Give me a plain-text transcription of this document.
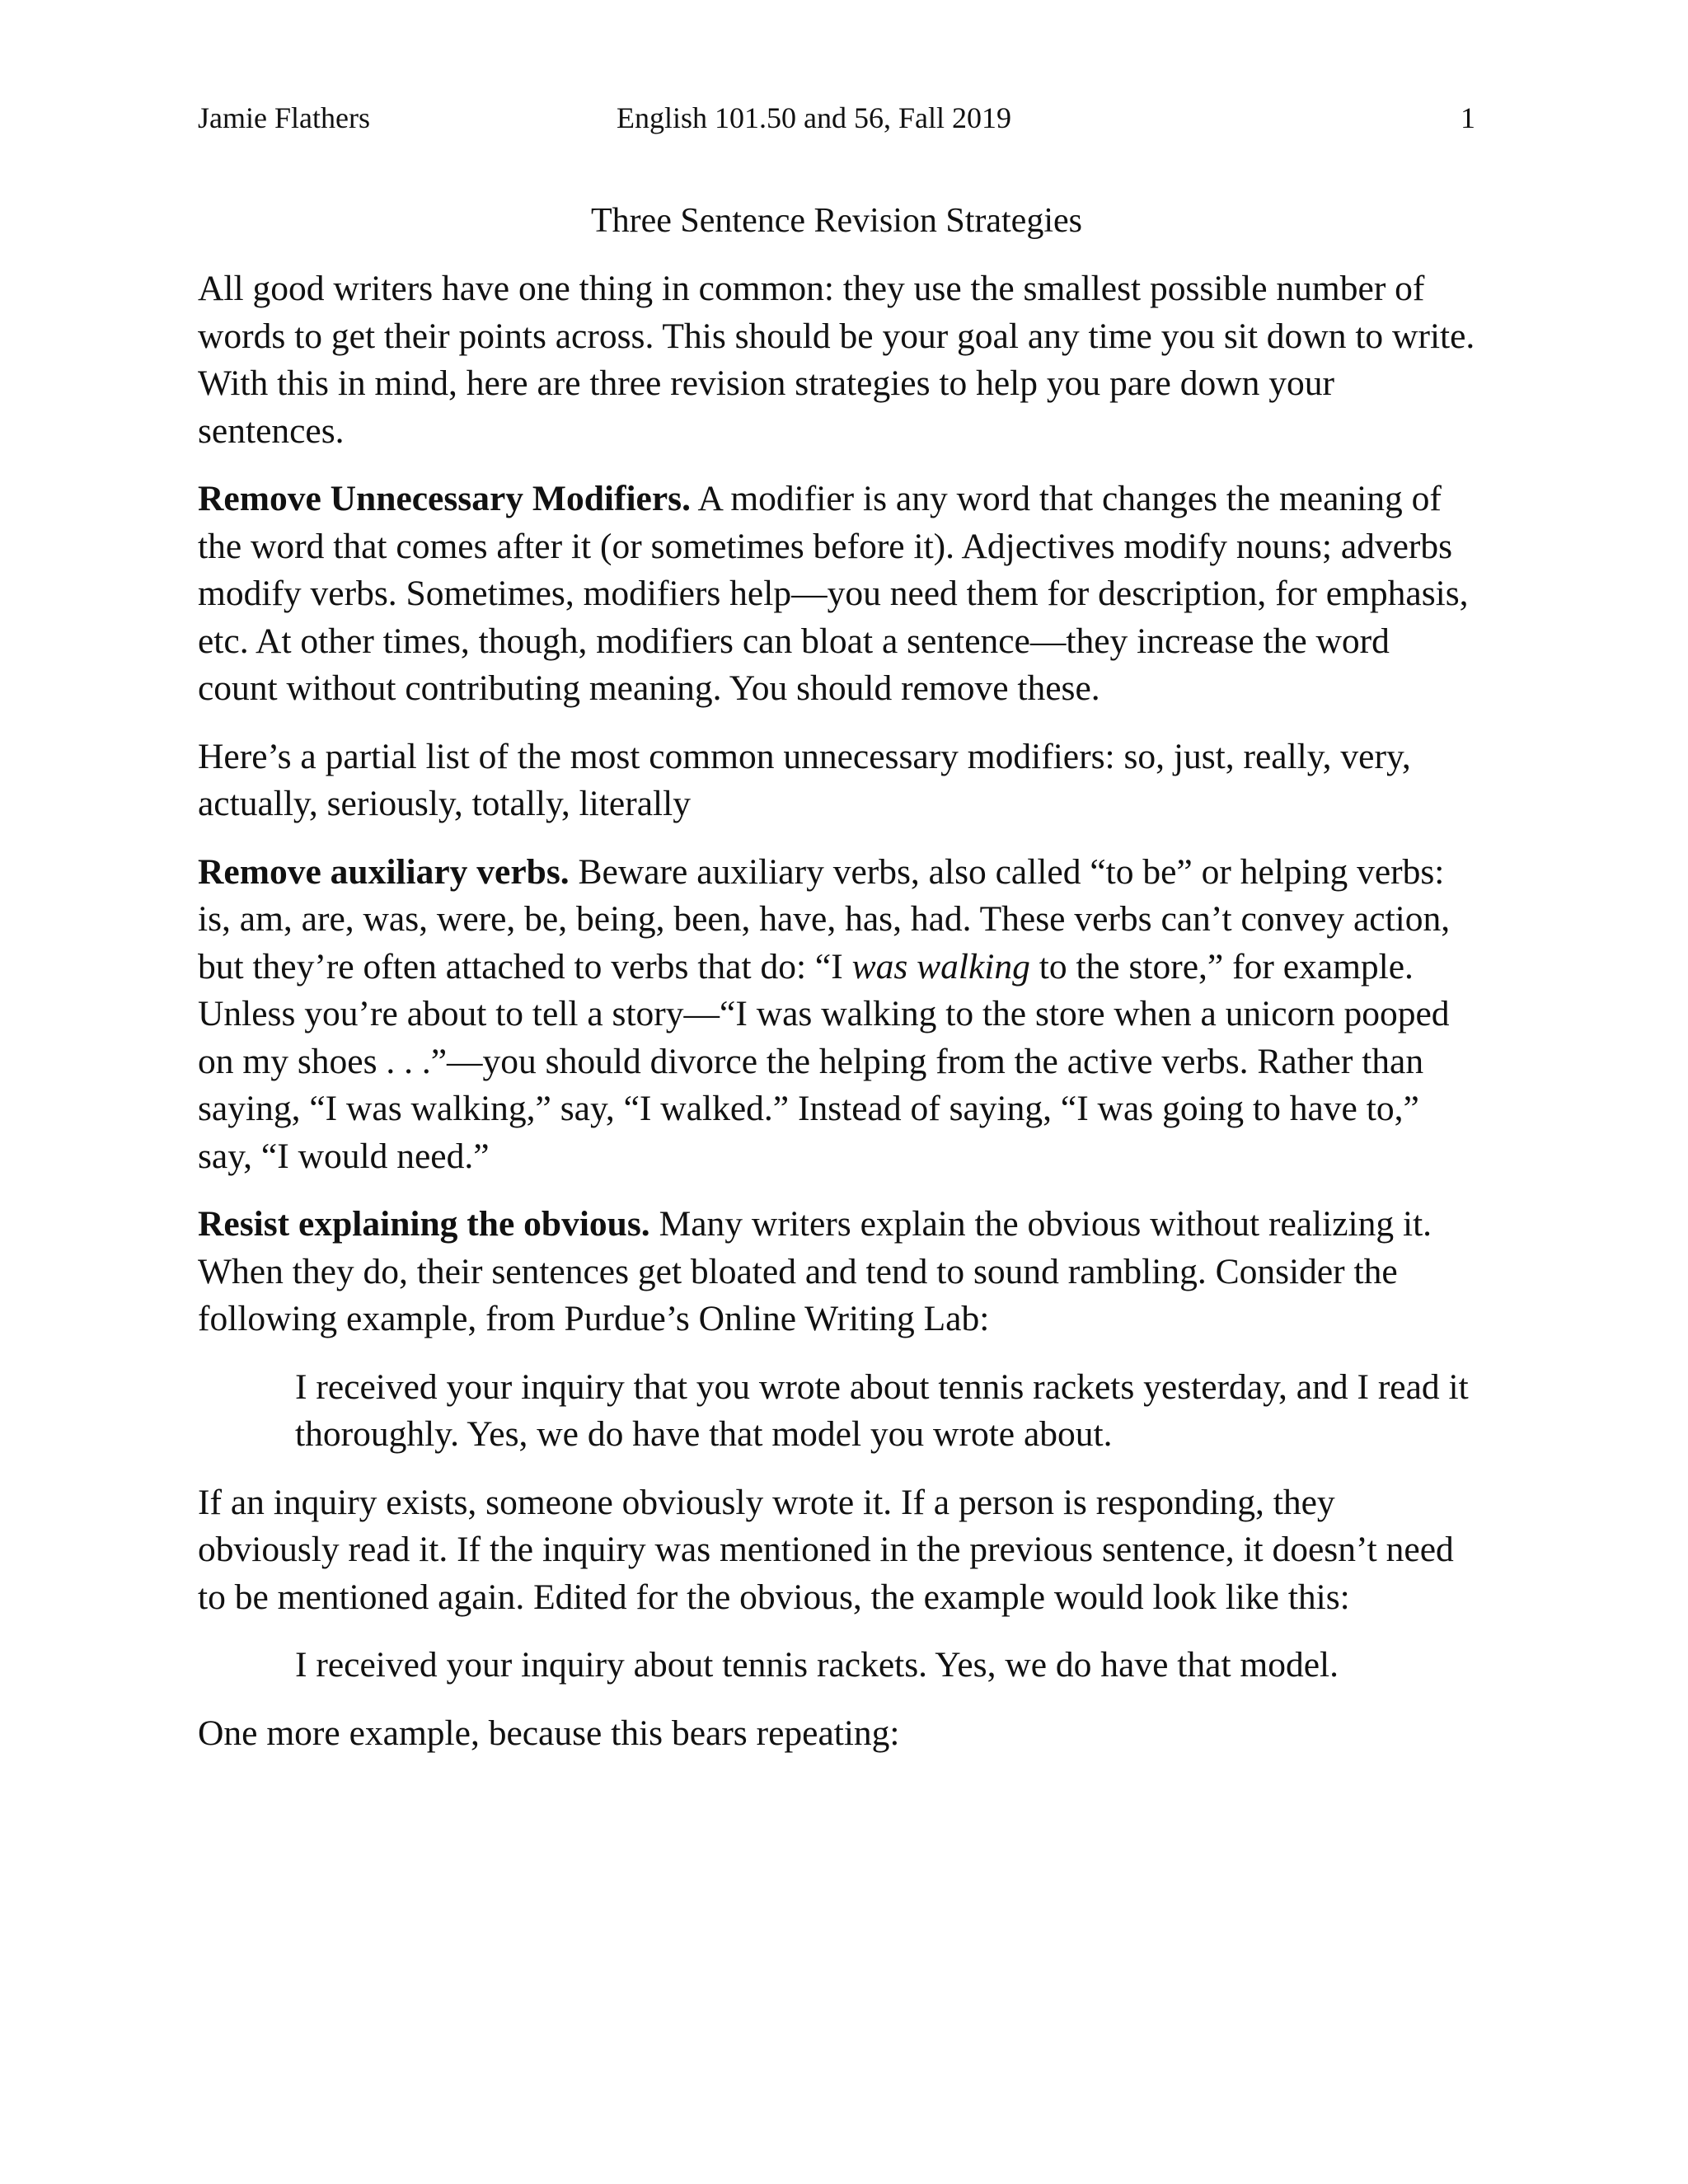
Jamie Flathers	English 101.50 and 56, Fall 2019	1
Three Sentence Revision Strategies

All good writers have one thing in common: they use the smallest possible number of words to get their points across. This should be your goal any time you sit down to write. With this in mind, here are three revision strategies to help you pare down your sentences.

Remove Unnecessary Modifiers. A modifier is any word that changes the meaning of the word that comes after it (or sometimes before it). Adjectives modify nouns; adverbs modify verbs. Sometimes, modifiers help—you need them for description, for emphasis, etc. At other times, though, modifiers can bloat a sentence—they increase the word count without contributing meaning. You should remove these.

Here’s a partial list of the most common unnecessary modifiers: so, just, really, very, actually, seriously, totally, literally

Remove auxiliary verbs. Beware auxiliary verbs, also called “to be” or helping verbs: is, am, are, was, were, be, being, been, have, has, had. These verbs can’t convey action, but they’re often attached to verbs that do: “I was walking to the store,” for example. Unless you’re about to tell a story—“I was walking to the store when a unicorn pooped on my shoes . . .”—you should divorce the helping from the active verbs. Rather than saying, “I was walking,” say, “I walked.” Instead of saying, “I was going to have to,” say, “I would need.”

Resist explaining the obvious. Many writers explain the obvious without realizing it. When they do, their sentences get bloated and tend to sound rambling. Consider the following example, from Purdue’s Online Writing Lab:

I received your inquiry that you wrote about tennis rackets yesterday, and I read it thoroughly. Yes, we do have that model you wrote about.

If an inquiry exists, someone obviously wrote it. If a person is responding, they obviously read it. If the inquiry was mentioned in the previous sentence, it doesn’t need to be mentioned again. Edited for the obvious, the example would look like this:

I received your inquiry about tennis rackets. Yes, we do have that model.

One more example, because this bears repeating:
